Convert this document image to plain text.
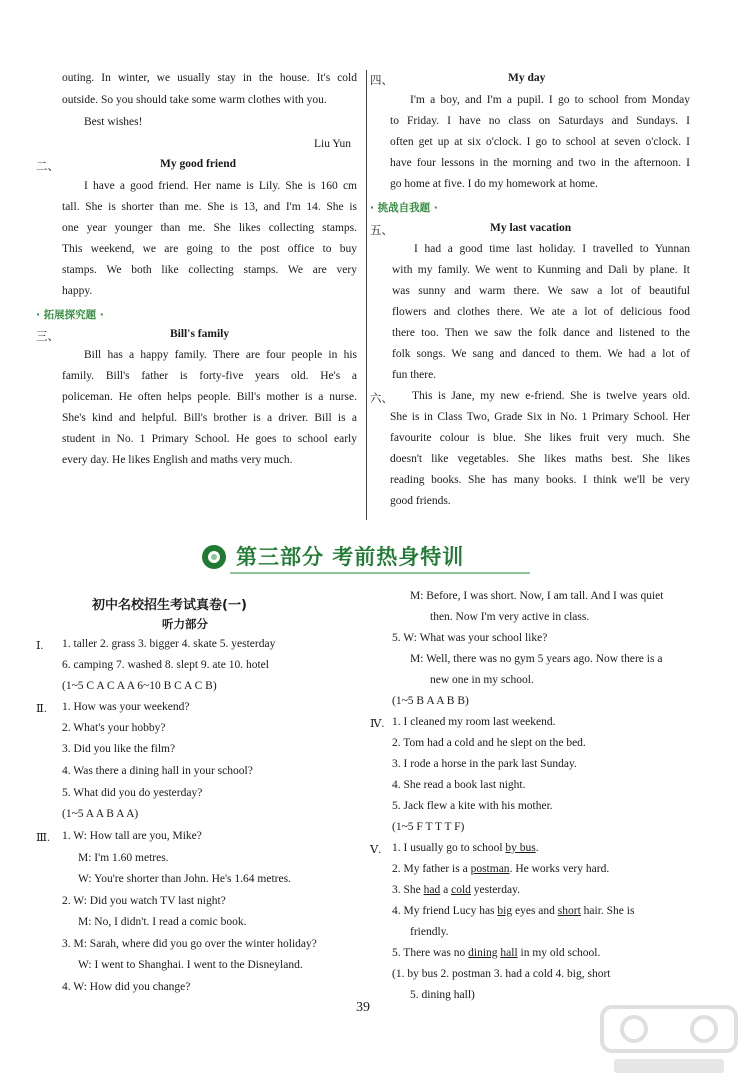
outing. In winter, we usually stay in the house. It's cold
outside. So you should take some warm clothes with you.
Best wishes!
Liu Yun
二、	My good friend
I have a good friend. Her name is Lily. She is 160 cm
tall. She is shorter than me. She is 13, and I'm 14. She is
one year younger than me. She likes collecting stamps.
This weekend, we are going to the post office to buy
stamps. We both like collecting stamps. We are very
happy.
· 拓展探究题 ·
三、	Bill's family
Bill has a happy family. There are four people in his
family. Bill's father is forty-five years old. He's a
policeman. He often helps people. Bill's mother is a nurse.
She's kind and helpful. Bill's brother is a driver. Bill is a
student in No. 1 Primary School. He goes to school early
every day. He likes English and maths very much.
四、	My day
I'm a boy, and I'm a pupil. I go to school from Monday
to Friday. I have no class on Saturdays and Sundays. I
often get up at six o'clock. I go to school at seven o'clock. I
have four lessons in the morning and two in the afternoon. I
go home at five. I do my homework at home.
· 挑战自我题 ·
五、	My last vacation
I had a good time last holiday. I travelled to Yunnan
with my family. We went to Kunming and Dali by plane. It
was sunny and warm there. We saw a lot of beautiful
flowers and clothes there. We ate a lot of delicious food
there too. Then we saw the folk dance and listened to the
folk songs. We sang and danced to them. We had a lot of
fun there.
六、 This is Jane, my new e-friend. She is twelve years old.
She is in Class Two, Grade Six in No. 1 Primary School. Her
favourite colour is blue. She likes fruit very much. She
doesn't like vegetables. She likes maths best. She likes
reading books. She has many books. I think we'll be very
good friends.
第三部分 考前热身特训
初中名校招生考试真卷(一)
听力部分
Ⅰ. 1. taller 2. grass 3. bigger 4. skate 5. yesterday
6. camping 7. washed 8. slept 9. ate 10. hotel
(1~5 C A C A A 6~10 B C A C B)
Ⅱ. 1. How was your weekend?
2. What's your hobby?
3. Did you like the film?
4. Was there a dining hall in your school?
5. What did you do yesterday?
(1~5 A A B A A)
Ⅲ. 1. W: How tall are you, Mike?
M: I'm 1.60 metres.
W: You're shorter than John. He's 1.64 metres.
2. W: Did you watch TV last night?
M: No, I didn't. I read a comic book.
3. M: Sarah, where did you go over the winter holiday?
W: I went to Shanghai. I went to the Disneyland.
4. W: How did you change?
M: Before, I was short. Now, I am tall. And I was quiet
then. Now I'm very active in class.
5. W: What was your school like?
M: Well, there was no gym 5 years ago. Now there is a
new one in my school.
(1~5 B A A B B)
Ⅳ. 1. I cleaned my room last weekend.
2. Tom had a cold and he slept on the bed.
3. I rode a horse in the park last Sunday.
4. She read a book last night.
5. Jack flew a kite with his mother.
(1~5 F T T T F)
Ⅴ. 1. I usually go to school by bus.
2. My father is a postman. He works very hard.
3. She had a cold yesterday.
4. My friend Lucy has big eyes and short hair. She is
friendly.
5. There was no dining hall in my old school.
(1. by bus 2. postman 3. had a cold 4. big, short
5. dining hall)
39
